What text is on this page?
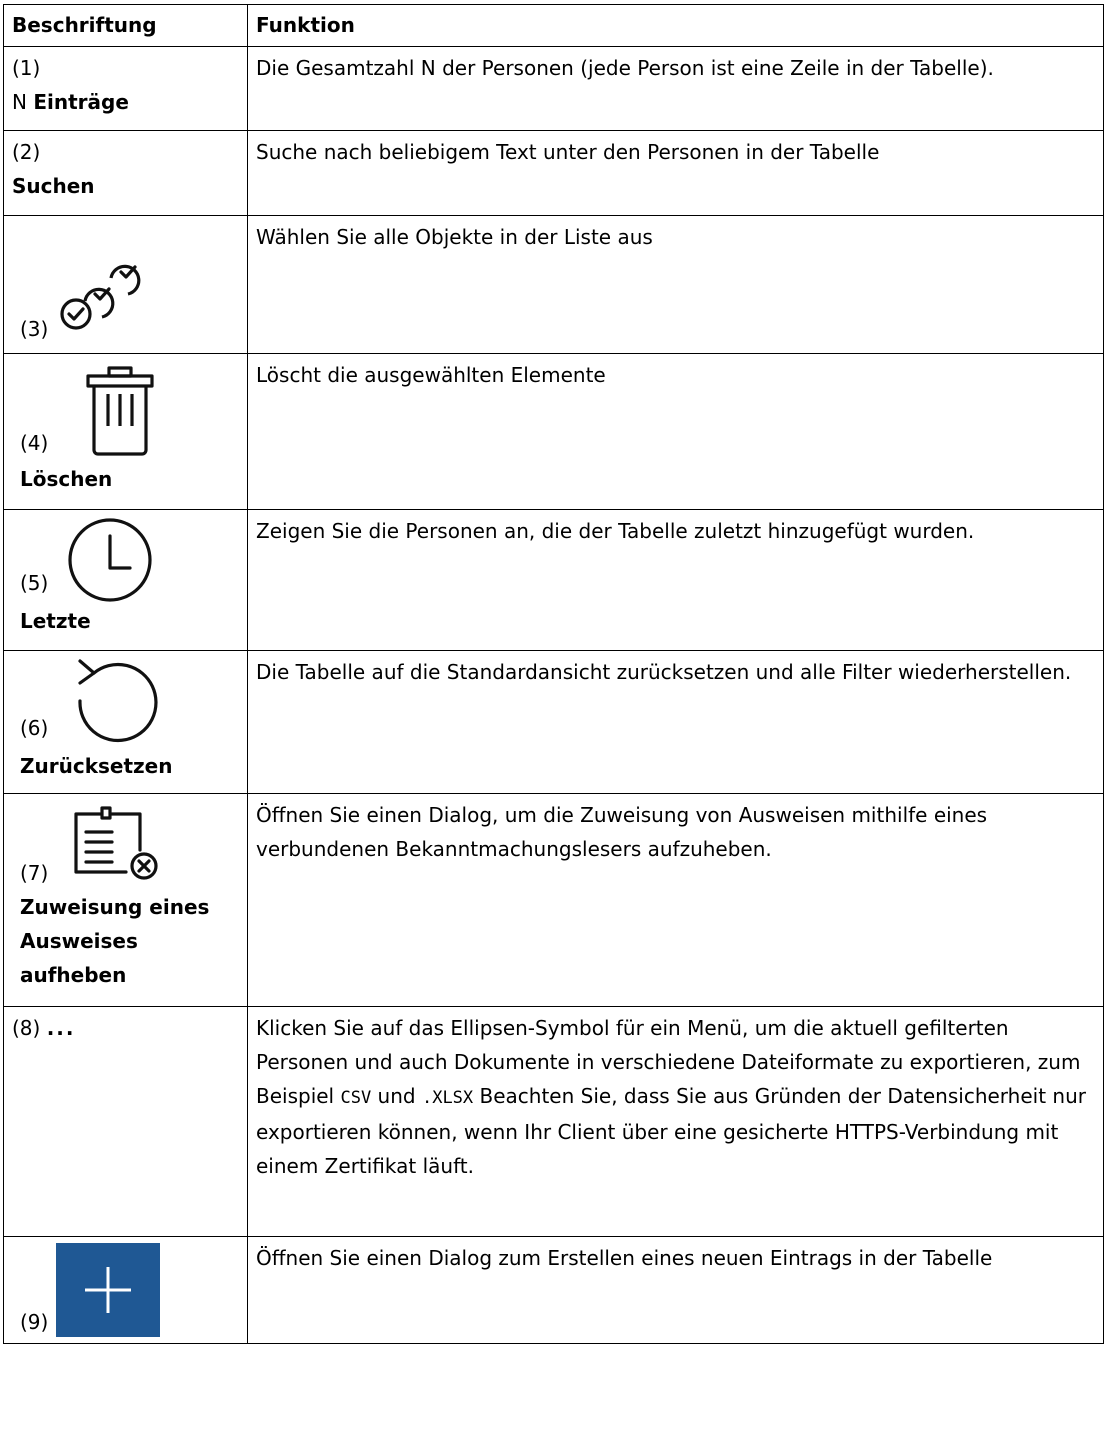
Beschriftung	Funktion

(1)
N Einträge	Die Gesamtzahl N der Personen (jede Person ist eine Zeile in der Tabelle).

(2)
Suchen	Suche nach beliebigem Text unter den Personen in der Tabelle

(3)	Wählen Sie alle Objekte in der Liste aus

(4)
Löschen	Löscht die ausgewählten Elemente

(5)
Letzte	Zeigen Sie die Personen an, die der Tabelle zuletzt hinzugefügt wurden.

(6)
Zurücksetzen	Die Tabelle auf die Standardansicht zurücksetzen und alle Filter wiederherstellen.

(7)
Zuweisung eines
Ausweises
aufheben	Öffnen Sie einen Dialog, um die Zuweisung von Ausweisen mithilfe eines verbundenen Bekanntmachungslesers aufzuheben.
(8) ...	Klicken Sie auf das Ellipsen-Symbol für ein Menü, um die aktuell gefilterten Personen und auch Dokumente in verschiedene Dateiformate zu exportieren, zum Beispiel CSV und .XLSX Beachten Sie, dass Sie aus Gründen der Datensicherheit nur exportieren können, wenn Ihr Client über eine gesicherte HTTPS-Verbindung mit einem Zertifikat läuft.

(9)	Öffnen Sie einen Dialog zum Erstellen eines neuen Eintrags in der Tabelle
